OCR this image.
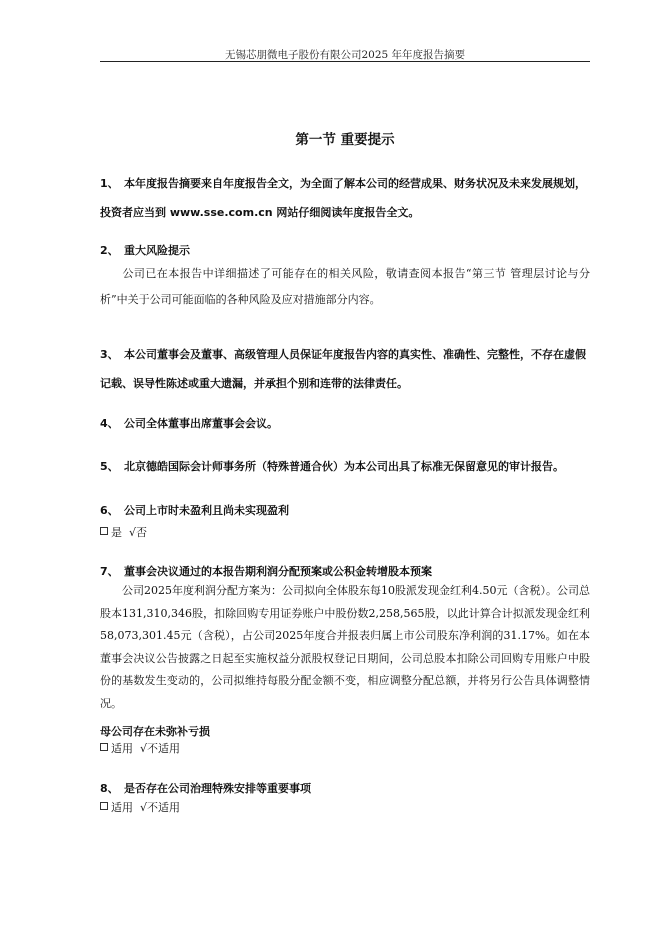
无锡芯朋微电子股份有限公司2025 年年度报告摘要
第一节 重要提示
1、 本年度报告摘要来自年度报告全文，为全面了解本公司的经营成果、财务状况及未来发展规划，投资者应当到 www.sse.com.cn 网站仔细阅读年度报告全文。
2、 重大风险提示
公司已在本报告中详细描述了可能存在的相关风险，敬请查阅本报告“第三节 管理层讨论与分析”中关于公司可能面临的各种风险及应对措施部分内容。
3、 本公司董事会及董事、高级管理人员保证年度报告内容的真实性、准确性、完整性，不存在虚假记载、误导性陈述或重大遗漏，并承担个别和连带的法律责任。
4、 公司全体董事出席董事会会议。
5、 北京德皓国际会计师事务所（特殊普通合伙）为本公司出具了标准无保留意见的审计报告。
6、 公司上市时未盈利且尚未实现盈利
是 √否
7、 董事会决议通过的本报告期利润分配预案或公积金转增股本预案
公司2025年度利润分配方案为：公司拟向全体股东每10股派发现金红利4.50元（含税）。公司总股本131,310,346股，扣除回购专用证券账户中股份数2,258,565股，以此计算合计拟派发现金红利58,073,301.45元（含税），占公司2025年度合并报表归属上市公司股东净利润的31.17%。如在本董事会决议公告披露之日起至实施权益分派股权登记日期间，公司总股本扣除公司回购专用账户中股份的基数发生变动的，公司拟维持每股分配金额不变，相应调整分配总额，并将另行公告具体调整情况。
母公司存在未弥补亏损
适用 √不适用
8、 是否存在公司治理特殊安排等重要事项
适用 √不适用
